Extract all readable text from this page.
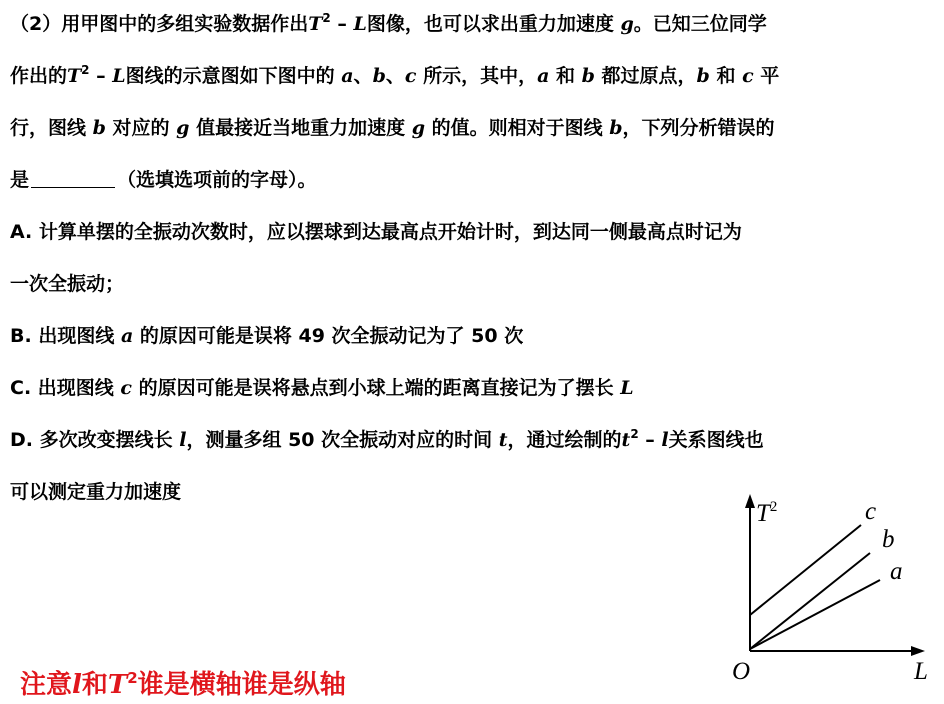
（2）用甲图中的多组实验数据作出$T^2$ – L图像，也可以求出重力加速度 g。已知三位同学
作出的$T^2$ – L图线的示意图如下图中的 a、b、c 所示，其中，a 和 b 都过原点，b 和 c 平
行，图线 b 对应的 g 值最接近当地重力加速度 g 的值。则相对于图线 b，下列分析错误的
是	（选填选项前的字母）。
A. 计算单摆的全振动次数时，应以摆球到达最高点开始计时，到达同一侧最高点时记为
一次全振动；
B. 出现图线 a 的原因可能是误将 49 次全振动记为了 50 次
C. 出现图线 c 的原因可能是误将悬点到小球上端的距离直接记为了摆长 L
D. 多次改变摆线长 l，测量多组 50 次全振动对应的时间 t，通过绘制的$t^2$ – l关系图线也
可以测定重力加速度
注意l和$T^2$谁是横轴谁是纵轴
$T^2$
L
O
c
b
a
